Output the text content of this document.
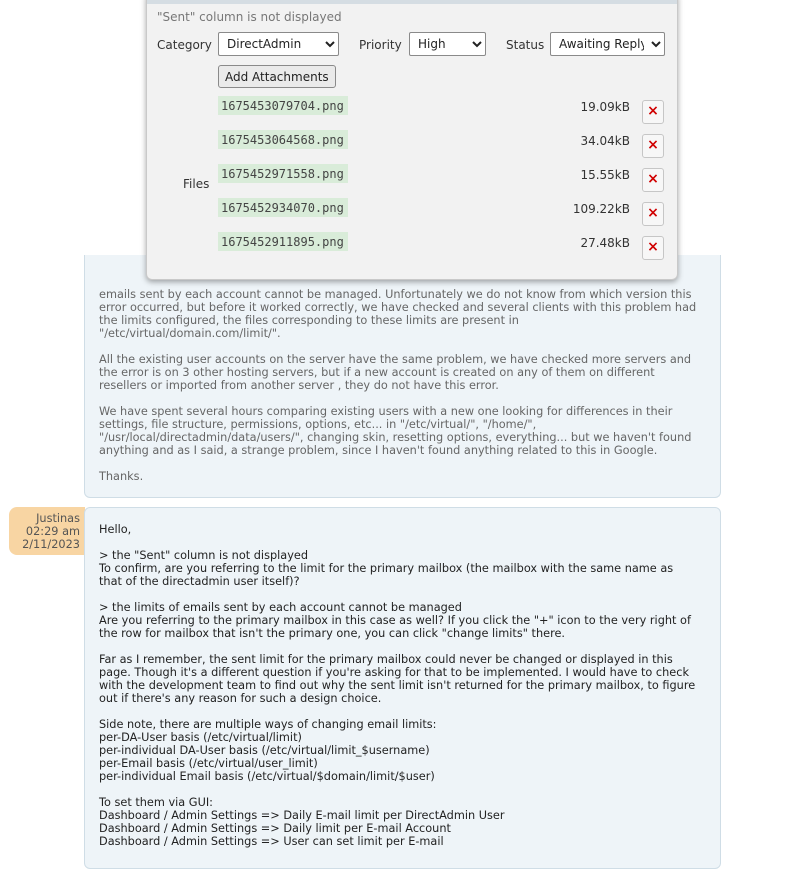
emails sent by each account cannot be managed. Unfortunately we do not know from which version this
error occurred, but before it worked correctly, we have checked and several clients with this problem had
the limits configured, the files corresponding to these limits are present in
"/etc/virtual/domain.com/limit/".

All the existing user accounts on the server have the same problem, we have checked more servers and
the error is on 3 other hosting servers, but if a new account is created on any of them on different
resellers or imported from another server , they do not have this error.

We have spent several hours comparing existing users with a new one looking for differences in their
settings, file structure, permissions, options, etc... in "/etc/virtual/", "/home/",
"/usr/local/directadmin/data/users/", changing skin, resetting options, everything... but we haven't found
anything and as I said, a strange problem, since I haven't found anything related to this in Google.

Thanks.
Justinas
02:29 am
2/11/2023
Hello,

> the "Sent" column is not displayed
To confirm, are you referring to the limit for the primary mailbox (the mailbox with the same name as
that of the directadmin user itself)?

> the limits of emails sent by each account cannot be managed
Are you referring to the primary mailbox in this case as well? If you click the "+" icon to the very right of
the row for mailbox that isn't the primary one, you can click "change limits" there.

Far as I remember, the sent limit for the primary mailbox could never be changed or displayed in this
page. Though it's a different question if you're asking for that to be implemented. I would have to check
with the development team to find out why the sent limit isn't returned for the primary mailbox, to figure
out if there's any reason for such a design choice.

Side note, there are multiple ways of changing email limits:
per-DA-User basis (/etc/virtual/limit)
per-individual DA-User basis (/etc/virtual/limit_$username)
per-Email basis (/etc/virtual/user_limit)
per-individual Email basis (/etc/virtual/$domain/limit/$user)

To set them via GUI:
Dashboard / Admin Settings => Daily E-mail limit per DirectAdmin User
Dashboard / Admin Settings => Daily limit per E-mail Account
Dashboard / Admin Settings => User can set limit per E-mail
"Sent" column is not displayed
Category
DirectAdmin	Priority
High	Status
Awaiting Reply
Add Attachments
Files
1675453079704.png	19.09kB	×
1675453064568.png	34.04kB	×
1675452971558.png	15.55kB	×
1675452934070.png	109.22kB	×
1675452911895.png	27.48kB	×
